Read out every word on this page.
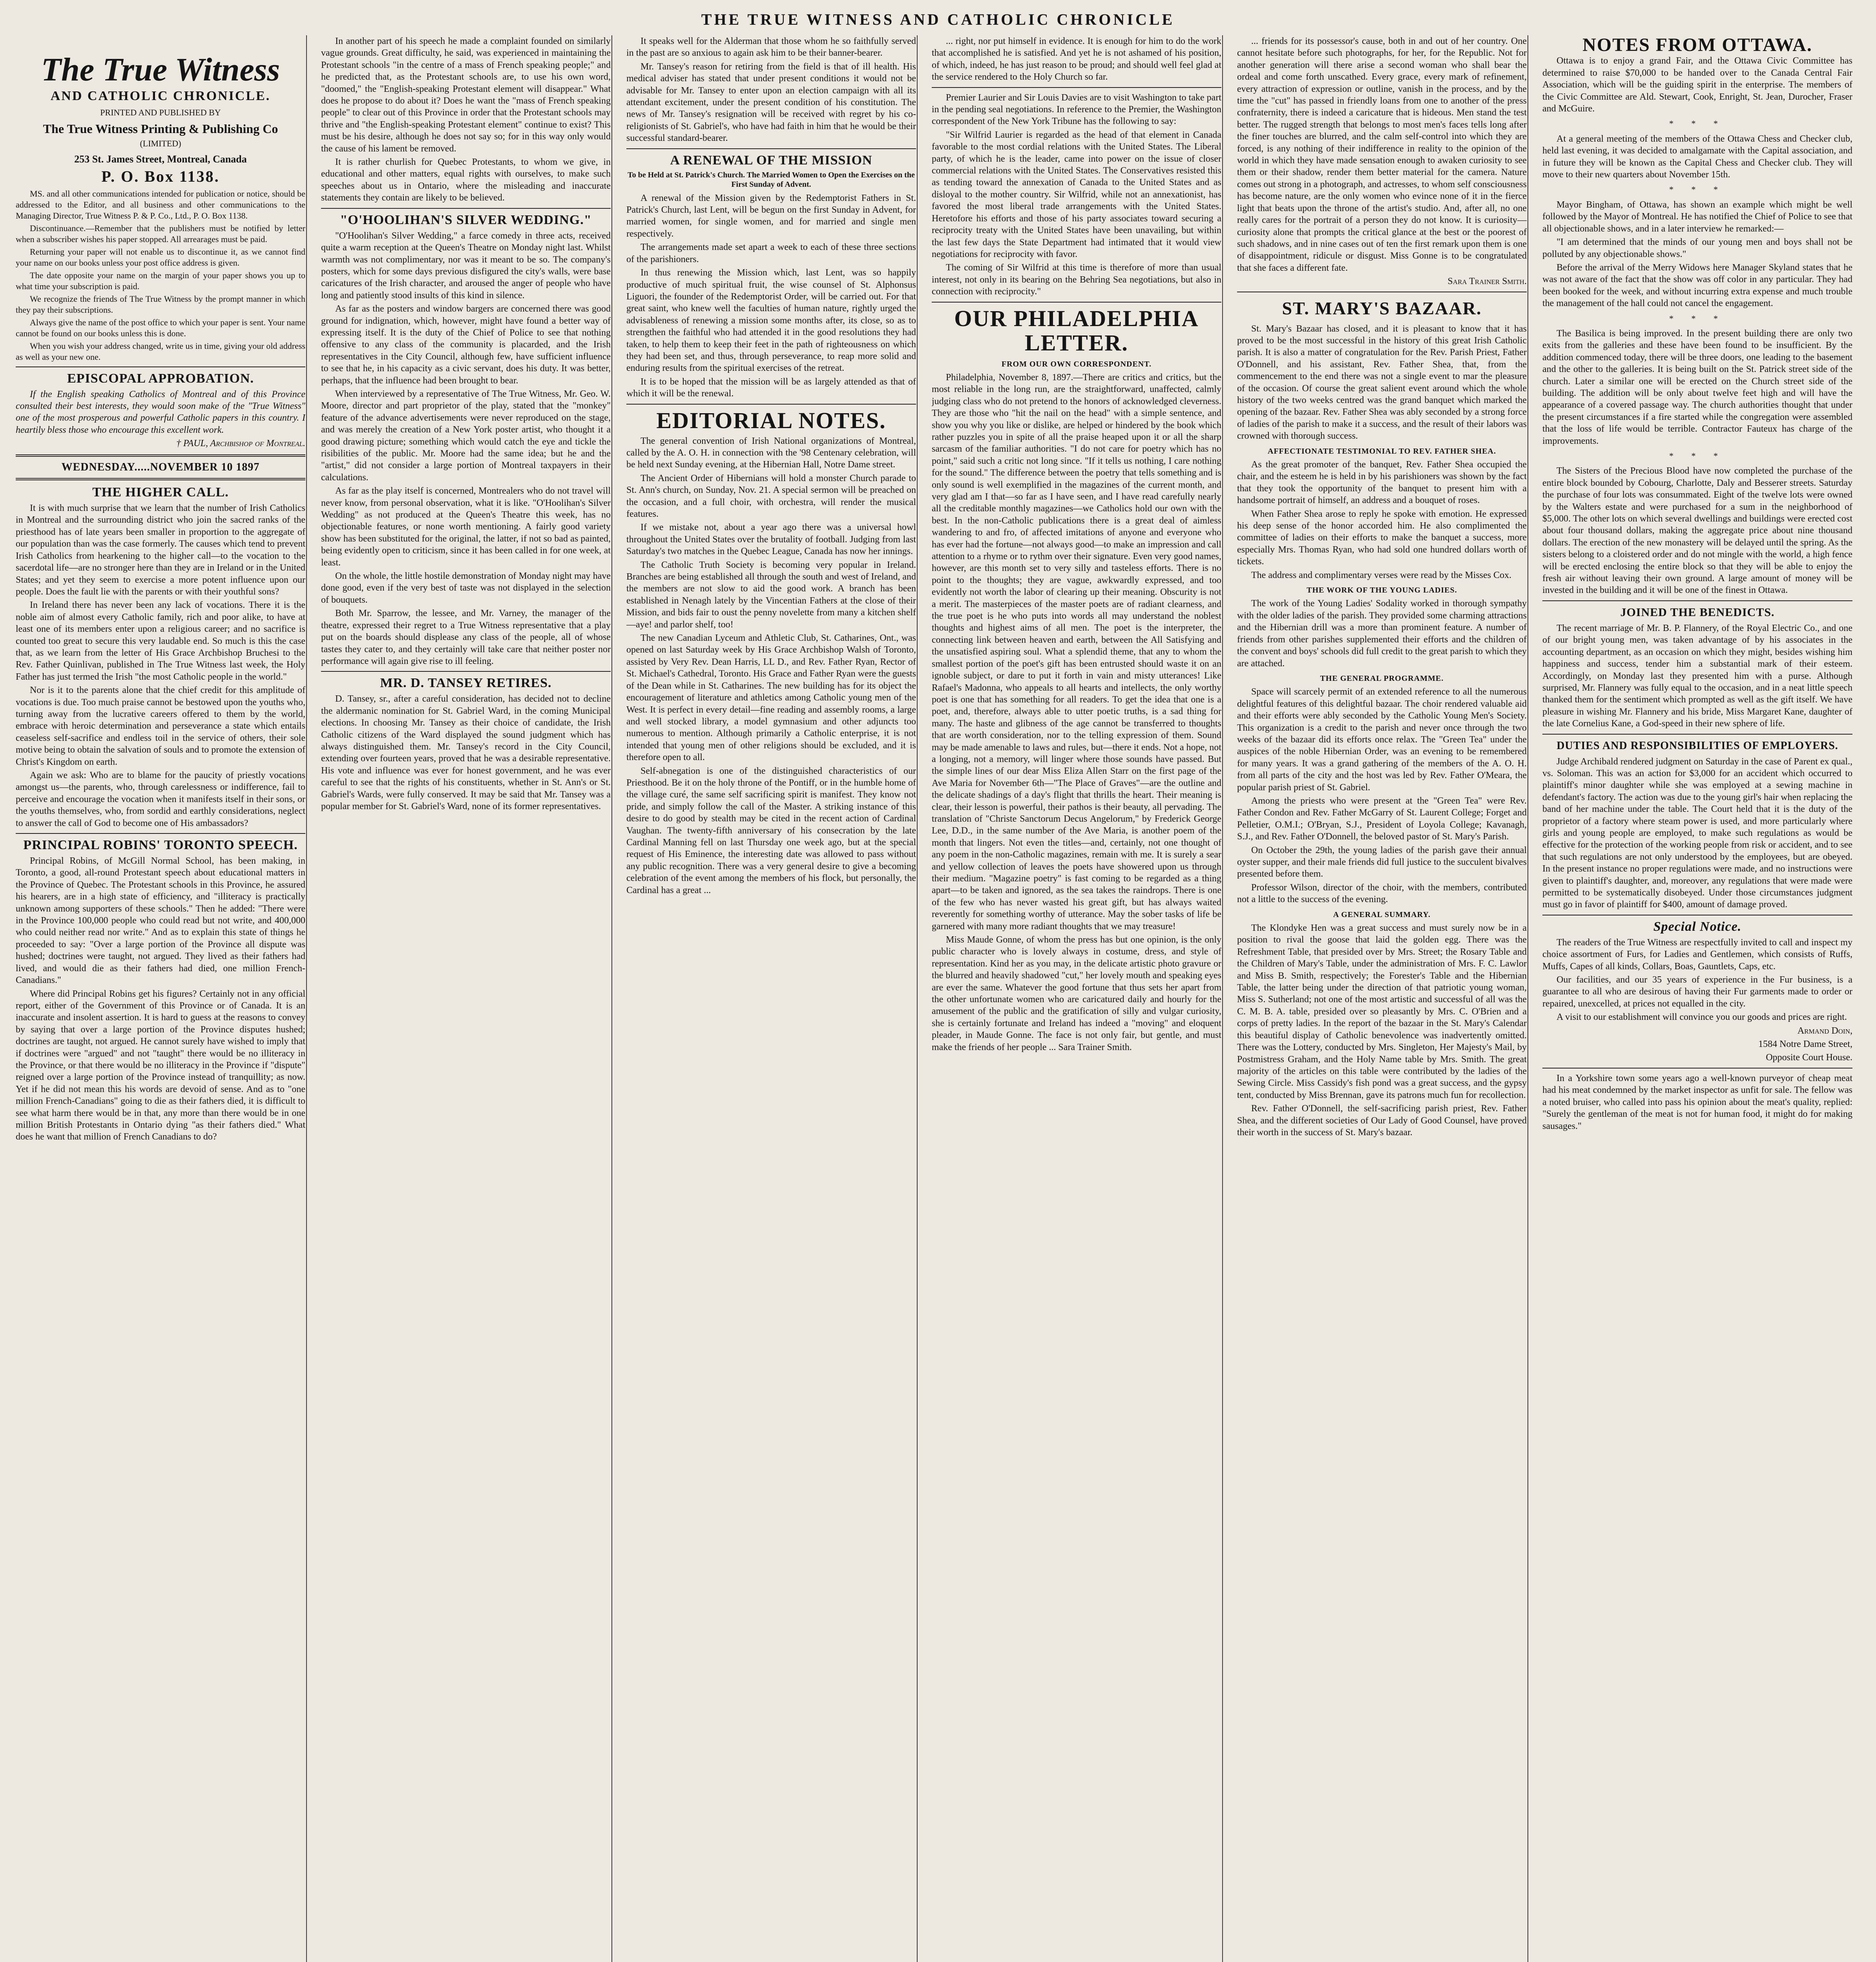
THE TRUE WITNESS AND CATHOLIC CHRONICLE
The True Witness
AND CATHOLIC CHRONICLE.
PRINTED AND PUBLISHED BY
The True Witness Printing & Publishing Co
(LIMITED)
253 St. James Street, Montreal, Canada
P. O. Box 1138.

MS. and all other communications intended for publication or notice, should be addressed to the Editor, and all business and other communications to the Managing Director, True Witness P. & P. Co., Ltd., P. O. Box 1138.

Discontinuance.—Remember that the publishers must be notified by letter when a subscriber wishes his paper stopped. All arrearages must be paid.

Returning your paper will not enable us to discontinue it, as we cannot find your name on our books unless your post office address is given.

The date opposite your name on the margin of your paper shows you up to what time your subscription is paid.

We recognize the friends of The True Witness by the prompt manner in which they pay their subscriptions.

Always give the name of the post office to which your paper is sent. Your name cannot be found on our books unless this is done.

When you wish your address changed, write us in time, giving your old address as well as your new one.

EPISCOPAL APPROBATION.

If the English speaking Catholics of Montreal and of this Province consulted their best interests, they would soon make of the "True Witness" one of the most prosperous and powerful Catholic papers in this country. I heartily bless those who encourage this excellent work.

† PAUL, Archbishop of Montreal.
WEDNESDAY.....NOVEMBER 10 1897
THE HIGHER CALL.

It is with much surprise that we learn that the number of Irish Catholics in Montreal and the surrounding district who join the sacred ranks of the priesthood has of late years been smaller in proportion to the aggregate of our population than was the case formerly. The causes which tend to prevent Irish Catholics from hearkening to the higher call—to the vocation to the sacerdotal life—are no stronger here than they are in Ireland or in the United States; and yet they seem to exercise a more potent influence upon our people. Does the fault lie with the parents or with their youthful sons?

In Ireland there has never been any lack of vocations. There it is the noble aim of almost every Catholic family, rich and poor alike, to have at least one of its members enter upon a religious career; and no sacrifice is counted too great to secure this very laudable end. So much is this the case that, as we learn from the letter of His Grace Archbishop Bruchesi to the Rev. Father Quinlivan, published in The True Witness last week, the Holy Father has just termed the Irish "the most Catholic people in the world."

Nor is it to the parents alone that the chief credit for this amplitude of vocations is due. Too much praise cannot be bestowed upon the youths who, turning away from the lucrative careers offered to them by the world, embrace with heroic determination and perseverance a state which entails ceaseless self-sacrifice and endless toil in the service of others, their sole motive being to obtain the salvation of souls and to promote the extension of Christ's Kingdom on earth.

Again we ask: Who are to blame for the paucity of priestly vocations amongst us—the parents, who, through carelessness or indifference, fail to perceive and encourage the vocation when it manifests itself in their sons, or the youths themselves, who, from sordid and earthly considerations, neglect to answer the call of God to become one of His ambassadors?

PRINCIPAL ROBINS' TORONTO SPEECH.

Principal Robins, of McGill Normal School, has been making, in Toronto, a good, all-round Protestant speech about educational matters in the Province of Quebec. The Protestant schools in this Province, he assured his hearers, are in a high state of efficiency, and "illiteracy is practically unknown among supporters of these schools." Then he added: "There were in the Province 100,000 people who could read but not write, and 400,000 who could neither read nor write." And as to explain this state of things he proceeded to say: "Over a large portion of the Province all dispute was hushed; doctrines were taught, not argued. They lived as their fathers had lived, and would die as their fathers had died, one million French-Canadians."

Where did Principal Robins get his figures? Certainly not in any official report, either of the Government of this Province or of Canada. It is an inaccurate and insolent assertion. It is hard to guess at the reasons to convey by saying that over a large portion of the Province disputes hushed; doctrines are taught, not argued. He cannot surely have wished to imply that if doctrines were "argued" and not "taught" there would be no illiteracy in the Province, or that there would be no illiteracy in the Province if "dispute" reigned over a large portion of the Province instead of tranquillity; as now. Yet if he did not mean this his words are devoid of sense. And as to "one million French-Canadians" going to die as their fathers died, it is difficult to see what harm there would be in that, any more than there would be in one million British Protestants in Ontario dying "as their fathers died." What does he want that million of French Canadians to do?

In another part of his speech he made a complaint founded on similarly vague grounds. Great difficulty, he said, was experienced in maintaining the Protestant schools "in the centre of a mass of French speaking people;" and he predicted that, as the Protestant schools are, to use his own word, "doomed," the "English-speaking Protestant element will disappear." What does he propose to do about it? Does he want the "mass of French speaking people" to clear out of this Province in order that the Protestant schools may thrive and "the English-speaking Protestant element" continue to exist? This must be his desire, although he does not say so; for in this way only would the cause of his lament be removed.

It is rather churlish for Quebec Protestants, to whom we give, in educational and other matters, equal rights with ourselves, to make such speeches about us in Ontario, where the misleading and inaccurate statements they contain are likely to be believed.

"O'HOOLIHAN'S SILVER WEDDING."

"O'Hoolihan's Silver Wedding," a farce comedy in three acts, received quite a warm reception at the Queen's Theatre on Monday night last. Whilst warmth was not complimentary, nor was it meant to be so. The company's posters, which for some days previous disfigured the city's walls, were base caricatures of the Irish character, and aroused the anger of people who have long and patiently stood insults of this kind in silence.

As far as the posters and window bargers are concerned there was good ground for indignation, which, however, might have found a better way of expressing itself. It is the duty of the Chief of Police to see that nothing offensive to any class of the community is placarded, and the Irish representatives in the City Council, although few, have sufficient influence to see that he, in his capacity as a civic servant, does his duty. It was better, perhaps, that the influence had been brought to bear.

When interviewed by a representative of The True Witness, Mr. Geo. W. Moore, director and part proprietor of the play, stated that the "monkey" feature of the advance advertisements were never reproduced on the stage, and was merely the creation of a New York poster artist, who thought it a good drawing picture; something which would catch the eye and tickle the risibilities of the public. Mr. Moore had the same idea; but he and the "artist," did not consider a large portion of Montreal taxpayers in their calculations.

As far as the play itself is concerned, Montrealers who do not travel will never know, from personal observation, what it is like. "O'Hoolihan's Silver Wedding" as not produced at the Queen's Theatre this week, has no objectionable features, or none worth mentioning. A fairly good variety show has been substituted for the original, the latter, if not so bad as painted, being evidently open to criticism, since it has been called in for one week, at least.

On the whole, the little hostile demonstration of Monday night may have done good, even if the very best of taste was not displayed in the selection of bouquets.

Both Mr. Sparrow, the lessee, and Mr. Varney, the manager of the theatre, expressed their regret to a True Witness representative that a play put on the boards should displease any class of the people, all of whose tastes they cater to, and they certainly will take care that neither poster nor performance will again give rise to ill feeling.

MR. D. TANSEY RETIRES.

D. Tansey, sr., after a careful consideration, has decided not to decline the aldermanic nomination for St. Gabriel Ward, in the coming Municipal elections. In choosing Mr. Tansey as their choice of candidate, the Irish Catholic citizens of the Ward displayed the sound judgment which has always distinguished them. Mr. Tansey's record in the City Council, extending over fourteen years, proved that he was a desirable representative. His vote and influence was ever for honest government, and he was ever careful to see that the rights of his constituents, whether in St. Ann's or St. Gabriel's Wards, were fully conserved. It may be said that Mr. Tansey was a popular member for St. Gabriel's Ward, none of its former representatives.

It speaks well for the Alderman that those whom he so faithfully served in the past are so anxious to again ask him to be their banner-bearer.

Mr. Tansey's reason for retiring from the field is that of ill health. His medical adviser has stated that under present conditions it would not be advisable for Mr. Tansey to enter upon an election campaign with all its attendant excitement, under the present condition of his constitution. The news of Mr. Tansey's resignation will be received with regret by his co-religionists of St. Gabriel's, who have had faith in him that he would be their successful standard-bearer.

A RENEWAL OF THE MISSION
To be Held at St. Patrick's Church. The Married Women to Open the Exercises on the First Sunday of Advent.

A renewal of the Mission given by the Redemptorist Fathers in St. Patrick's Church, last Lent, will be begun on the first Sunday in Advent, for married women, for single women, and for married and single men respectively.

The arrangements made set apart a week to each of these three sections of the parishioners.

In thus renewing the Mission which, last Lent, was so happily productive of much spiritual fruit, the wise counsel of St. Alphonsus Liguori, the founder of the Redemptorist Order, will be carried out. For that great saint, who knew well the faculties of human nature, rightly urged the advisableness of renewing a mission some months after, its close, so as to strengthen the faithful who had attended it in the good resolutions they had taken, to help them to keep their feet in the path of righteousness on which they had been set, and thus, through perseverance, to reap more solid and enduring results from the spiritual exercises of the retreat.

It is to be hoped that the mission will be as largely attended as that of which it will be the renewal.

EDITORIAL NOTES.

The general convention of Irish National organizations of Montreal, called by the A. O. H. in connection with the '98 Centenary celebration, will be held next Sunday evening, at the Hibernian Hall, Notre Dame street.

The Ancient Order of Hibernians will hold a monster Church parade to St. Ann's church, on Sunday, Nov. 21. A special sermon will be preached on the occasion, and a full choir, with orchestra, will render the musical features.

If we mistake not, about a year ago there was a universal howl throughout the United States over the brutality of football. Judging from last Saturday's two matches in the Quebec League, Canada has now her innings.

The Catholic Truth Society is becoming very popular in Ireland. Branches are being established all through the south and west of Ireland, and the members are not slow to aid the good work. A branch has been established in Nenagh lately by the Vincentian Fathers at the close of their Mission, and bids fair to oust the penny novelette from many a kitchen shelf—aye! and parlor shelf, too!

The new Canadian Lyceum and Athletic Club, St. Catharines, Ont., was opened on last Saturday week by His Grace Archbishop Walsh of Toronto, assisted by Very Rev. Dean Harris, LL D., and Rev. Father Ryan, Rector of St. Michael's Cathedral, Toronto. His Grace and Father Ryan were the guests of the Dean while in St. Catharines. The new building has for its object the encouragement of literature and athletics among Catholic young men of the West. It is perfect in every detail—fine reading and assembly rooms, a large and well stocked library, a model gymnasium and other adjuncts too numerous to mention. Although primarily a Catholic enterprise, it is not intended that young men of other religions should be excluded, and it is therefore open to all.

Self-abnegation is one of the distinguished characteristics of our Priesthood. Be it on the holy throne of the Pontiff, or in the humble home of the village curé, the same self sacrificing spirit is manifest. They know not pride, and simply follow the call of the Master. A striking instance of this desire to do good by stealth may be cited in the recent action of Cardinal Vaughan. The twenty-fifth anniversary of his consecration by the late Cardinal Manning fell on last Thursday one week ago, but at the special request of His Eminence, the interesting date was allowed to pass without any public recognition. There was a very general desire to give a becoming celebration of the event among the members of his flock, but personally, the Cardinal has a great ...

... right, nor put himself in evidence. It is enough for him to do the work that accomplished he is satisfied. And yet he is not ashamed of his position, of which, indeed, he has just reason to be proud; and should well feel glad at the service rendered to the Holy Church so far.

Premier Laurier and Sir Louis Davies are to visit Washington to take part in the pending seal negotiations. In reference to the Premier, the Washington correspondent of the New York Tribune has the following to say:

"Sir Wilfrid Laurier is regarded as the head of that element in Canada favorable to the most cordial relations with the United States. The Liberal party, of which he is the leader, came into power on the issue of closer commercial relations with the United States. The Conservatives resisted this as tending toward the annexation of Canada to the United States and as disloyal to the mother country. Sir Wilfrid, while not an annexationist, has favored the most liberal trade arrangements with the United States. Heretofore his efforts and those of his party associates toward securing a reciprocity treaty with the United States have been unavailing, but within the last few days the State Department had intimated that it would view negotiations for reciprocity with favor.

The coming of Sir Wilfrid at this time is therefore of more than usual interest, not only in its bearing on the Behring Sea negotiations, but also in connection with reciprocity."

OUR PHILADELPHIA LETTER.
FROM OUR OWN CORRESPONDENT.

Philadelphia, November 8, 1897.—There are critics and critics, but the most reliable in the long run, are the straightforward, unaffected, calmly judging class who do not pretend to the honors of acknowledged cleverness. They are those who "hit the nail on the head" with a simple sentence, and show you why you like or dislike, are helped or hindered by the book which rather puzzles you in spite of all the praise heaped upon it or all the sharp sarcasm of the familiar authorities. "I do not care for poetry which has no point," said such a critic not long since. "If it tells us nothing, I care nothing for the sound." The difference between the poetry that tells something and is only sound is well exemplified in the magazines of the current month, and very glad am I that—so far as I have seen, and I have read carefully nearly all the creditable monthly magazines—we Catholics hold our own with the best. In the non-Catholic publications there is a great deal of aimless wandering to and fro, of affected imitations of anyone and everyone who has ever had the fortune—not always good—to make an impression and call attention to a rhyme or to rythm over their signature. Even very good names, however, are this month set to very silly and tasteless efforts. There is no point to the thoughts; they are vague, awkwardly expressed, and too evidently not worth the labor of clearing up their meaning. Obscurity is not a merit. The masterpieces of the master poets are of radiant clearness, and the true poet is he who puts into words all may understand the noblest thoughts and highest aims of all men. The poet is the interpreter, the connecting link between heaven and earth, between the All Satisfying and the unsatisfied aspiring soul. What a splendid theme, that any to whom the smallest portion of the poet's gift has been entrusted should waste it on an ignoble subject, or dare to put it forth in vain and misty utterances! Like Rafael's Madonna, who appeals to all hearts and intellects, the only worthy poet is one that has something for all readers. To get the idea that one is a poet, and, therefore, always able to utter poetic truths, is a sad thing for many. The haste and glibness of the age cannot be transferred to thoughts that are worth consideration, nor to the telling expression of them. Sound may be made amenable to laws and rules, but—there it ends. Not a hope, not a longing, not a memory, will linger where those sounds have passed. But the simple lines of our dear Miss Eliza Allen Starr on the first page of the Ave Maria for November 6th—"The Place of Graves"—are the outline and the delicate shadings of a day's flight that thrills the heart. Their meaning is clear, their lesson is powerful, their pathos is their beauty, all pervading. The translation of "Christe Sanctorum Decus Angelorum," by Frederick George Lee, D.D., in the same number of the Ave Maria, is another poem of the month that lingers. Not even the titles—and, certainly, not one thought of any poem in the non-Catholic magazines, remain with me. It is surely a sear and yellow collection of leaves the poets have showered upon us through their medium. "Magazine poetry" is fast coming to be regarded as a thing apart—to be taken and ignored, as the sea takes the raindrops. There is one of the few who has never wasted his great gift, but has always waited reverently for something worthy of utterance. May the sober tasks of life be garnered with many more radiant thoughts that we may treasure!

Miss Maude Gonne, of whom the press has but one opinion, is the only public character who is lovely always in costume, dress, and style of representation. Kind her as you may, in the delicate artistic photo gravure or the blurred and heavily shadowed "cut," her lovely mouth and speaking eyes are ever the same. Whatever the good fortune that thus sets her apart from the other unfortunate women who are caricatured daily and hourly for the amusement of the public and the gratification of silly and vulgar curiosity, she is certainly fortunate and Ireland has indeed a "moving" and eloquent pleader, in Maude Gonne. The face is not only fair, but gentle, and must make the friends of her people ... Sara Trainer Smith.

... friends for its possessor's cause, both in and out of her country. One cannot hesitate before such photographs, for her, for the Republic. Not for another generation will there arise a second woman who shall bear the ordeal and come forth unscathed. Every grace, every mark of refinement, every attraction of expression or outline, vanish in the process, and by the time the "cut" has passed in friendly loans from one to another of the press confraternity, there is indeed a caricature that is hideous. Men stand the test better. The rugged strength that belongs to most men's faces tells long after the finer touches are blurred, and the calm self-control into which they are forced, is any nothing of their indifference in reality to the opinion of the world in which they have made sensation enough to awaken curiosity to see them or their shadow, render them better material for the camera. Nature comes out strong in a photograph, and actresses, to whom self consciousness has become nature, are the only women who evince none of it in the fierce light that beats upon the throne of the artist's studio. And, after all, no one really cares for the portrait of a person they do not know. It is curiosity—curiosity alone that prompts the critical glance at the best or the poorest of such shadows, and in nine cases out of ten the first remark upon them is one of disappointment, ridicule or disgust. Miss Gonne is to be congratulated that she faces a different fate.

Sara Trainer Smith.
ST. MARY'S BAZAAR.

St. Mary's Bazaar has closed, and it is pleasant to know that it has proved to be the most successful in the history of this great Irish Catholic parish. It is also a matter of congratulation for the Rev. Parish Priest, Father O'Donnell, and his assistant, Rev. Father Shea, that, from the commencement to the end there was not a single event to mar the pleasure of the occasion. Of course the great salient event around which the whole history of the two weeks centred was the grand banquet which marked the opening of the bazaar. Rev. Father Shea was ably seconded by a strong force of ladies of the parish to make it a success, and the result of their labors was crowned with thorough success.

AFFECTIONATE TESTIMONIAL TO REV. FATHER SHEA.

As the great promoter of the banquet, Rev. Father Shea occupied the chair, and the esteem he is held in by his parishioners was shown by the fact that they took the opportunity of the banquet to present him with a handsome portrait of himself, an address and a bouquet of roses.

When Father Shea arose to reply he spoke with emotion. He expressed his deep sense of the honor accorded him. He also complimented the committee of ladies on their efforts to make the banquet a success, more especially Mrs. Thomas Ryan, who had sold one hundred dollars worth of tickets.

The address and complimentary verses were read by the Misses Cox.

THE WORK OF THE YOUNG LADIES.

The work of the Young Ladies' Sodality worked in thorough sympathy with the older ladies of the parish. They provided some charming attractions and the Hibernian drill was a more than prominent feature. A number of friends from other parishes supplemented their efforts and the children of the convent and boys' schools did full credit to the great parish to which they are attached.

THE GENERAL PROGRAMME.

Space will scarcely permit of an extended reference to all the numerous delightful features of this delightful bazaar. The choir rendered valuable aid and their efforts were ably seconded by the Catholic Young Men's Society. This organization is a credit to the parish and never once through the two weeks of the bazaar did its efforts once relax. The "Green Tea" under the auspices of the noble Hibernian Order, was an evening to be remembered for many years. It was a grand gathering of the members of the A. O. H. from all parts of the city and the host was led by Rev. Father O'Meara, the popular parish priest of St. Gabriel.

Among the priests who were present at the "Green Tea" were Rev. Father Condon and Rev. Father McGarry of St. Laurent College; Forget and Pelletier, O.M.I.; O'Bryan, S.J., President of Loyola College; Kavanagh, S.J., and Rev. Father O'Donnell, the beloved pastor of St. Mary's Parish.

On October the 29th, the young ladies of the parish gave their annual oyster supper, and their male friends did full justice to the succulent bivalves presented before them.

Professor Wilson, director of the choir, with the members, contributed not a little to the success of the evening.

A GENERAL SUMMARY.

The Klondyke Hen was a great success and must surely now be in a position to rival the goose that laid the golden egg. There was the Refreshment Table, that presided over by Mrs. Street; the Rosary Table and the Children of Mary's Table, under the administration of Mrs. F. C. Lawlor and Miss B. Smith, respectively; the Forester's Table and the Hibernian Table, the latter being under the direction of that patriotic young woman, Miss S. Sutherland; not one of the most artistic and successful of all was the C. M. B. A. table, presided over so pleasantly by Mrs. C. O'Brien and a corps of pretty ladies. In the report of the bazaar in the St. Mary's Calendar this beautiful display of Catholic benevolence was inadvertently omitted. There was the Lottery, conducted by Mrs. Singleton, Her Majesty's Mail, by Postmistress Graham, and the Holy Name table by Mrs. Smith. The great majority of the articles on this table were contributed by the ladies of the Sewing Circle. Miss Cassidy's fish pond was a great success, and the gypsy tent, conducted by Miss Brennan, gave its patrons much fun for recollection.

Rev. Father O'Donnell, the self-sacrificing parish priest, Rev. Father Shea, and the different societies of Our Lady of Good Counsel, have proved their worth in the success of St. Mary's bazaar.

NOTES FROM OTTAWA.

Ottawa is to enjoy a grand Fair, and the Ottawa Civic Committee has determined to raise $70,000 to be handed over to the Canada Central Fair Association, which will be the guiding spirit in the enterprise. The members of the Civic Committee are Ald. Stewart, Cook, Enright, St. Jean, Durocher, Fraser and McGuire.

* * *

At a general meeting of the members of the Ottawa Chess and Checker club, held last evening, it was decided to amalgamate with the Capital association, and in future they will be known as the Capital Chess and Checker club. They will move to their new quarters about November 15th.

* * *

Mayor Bingham, of Ottawa, has shown an example which might be well followed by the Mayor of Montreal. He has notified the Chief of Police to see that all objectionable shows, and in a later interview he remarked:—

"I am determined that the minds of our young men and boys shall not be polluted by any objectionable shows."

Before the arrival of the Merry Widows here Manager Skyland states that he was not aware of the fact that the show was off color in any particular. They had been booked for the week, and without incurring extra expense and much trouble the management of the hall could not cancel the engagement.

* * *

The Basilica is being improved. In the present building there are only two exits from the galleries and these have been found to be insufficient. By the addition commenced today, there will be three doors, one leading to the basement and the other to the galleries. It is being built on the St. Patrick street side of the church. Later a similar one will be erected on the Church street side of the building. The addition will be only about twelve feet high and will have the appearance of a covered passage way. The church authorities thought that under the present circumstances if a fire started while the congregation were assembled that the loss of life would be terrible. Contractor Fauteux has charge of the improvements.

* * *

The Sisters of the Precious Blood have now completed the purchase of the entire block bounded by Cobourg, Charlotte, Daly and Besserer streets. Saturday the purchase of four lots was consummated. Eight of the twelve lots were owned by the Walters estate and were purchased for a sum in the neighborhood of $5,000. The other lots on which several dwellings and buildings were erected cost about four thousand dollars, making the aggregate price about nine thousand dollars. The erection of the new monastery will be delayed until the spring. As the sisters belong to a cloistered order and do not mingle with the world, a high fence will be erected enclosing the entire block so that they will be able to enjoy the fresh air without leaving their own ground. A large amount of money will be invested in the building and it will be one of the finest in Ottawa.

JOINED THE BENEDICTS.

The recent marriage of Mr. B. P. Flannery, of the Royal Electric Co., and one of our bright young men, was taken advantage of by his associates in the accounting department, as an occasion on which they might, besides wishing him happiness and success, tender him a substantial mark of their esteem. Accordingly, on Monday last they presented him with a purse. Although surprised, Mr. Flannery was fully equal to the occasion, and in a neat little speech thanked them for the sentiment which prompted as well as the gift itself. We have pleasure in wishing Mr. Flannery and his bride, Miss Margaret Kane, daughter of the late Cornelius Kane, a God-speed in their new sphere of life.

DUTIES AND RESPONSIBILITIES OF EMPLOYERS.

Judge Archibald rendered judgment on Saturday in the case of Parent ex qual., vs. Soloman. This was an action for $3,000 for an accident which occurred to plaintiff's minor daughter while she was employed at a sewing machine in defendant's factory. The action was due to the young girl's hair when replacing the band of her machine under the table. The Court held that it is the duty of the proprietor of a factory where steam power is used, and more particularly where girls and young people are employed, to make such regulations as would be effective for the protection of the working people from risk or accident, and to see that such regulations are not only understood by the employees, but are obeyed. In the present instance no proper regulations were made, and no instructions were given to plaintiff's daughter, and, moreover, any regulations that were made were permitted to be systematically disobeyed. Under those circumstances judgment must go in favor of plaintiff for $400, amount of damage proved.

Special Notice.

The readers of the True Witness are respectfully invited to call and inspect my choice assortment of Furs, for Ladies and Gentlemen, which consists of Ruffs, Muffs, Capes of all kinds, Collars, Boas, Gauntlets, Caps, etc.

Our facilities, and our 35 years of experience in the Fur business, is a guarantee to all who are desirous of having their Fur garments made to order or repaired, unexcelled, at prices not equalled in the city.

A visit to our establishment will convince you our goods and prices are right.

Armand Doin,

1584 Notre Dame Street,

Opposite Court House.

In a Yorkshire town some years ago a well-known purveyor of cheap meat had his meat condemned by the market inspector as unfit for sale. The fellow was a noted bruiser, who called into pass his opinion about the meat's quality, replied: "Surely the gentleman of the meat is not for human food, it might do for making sausages."
